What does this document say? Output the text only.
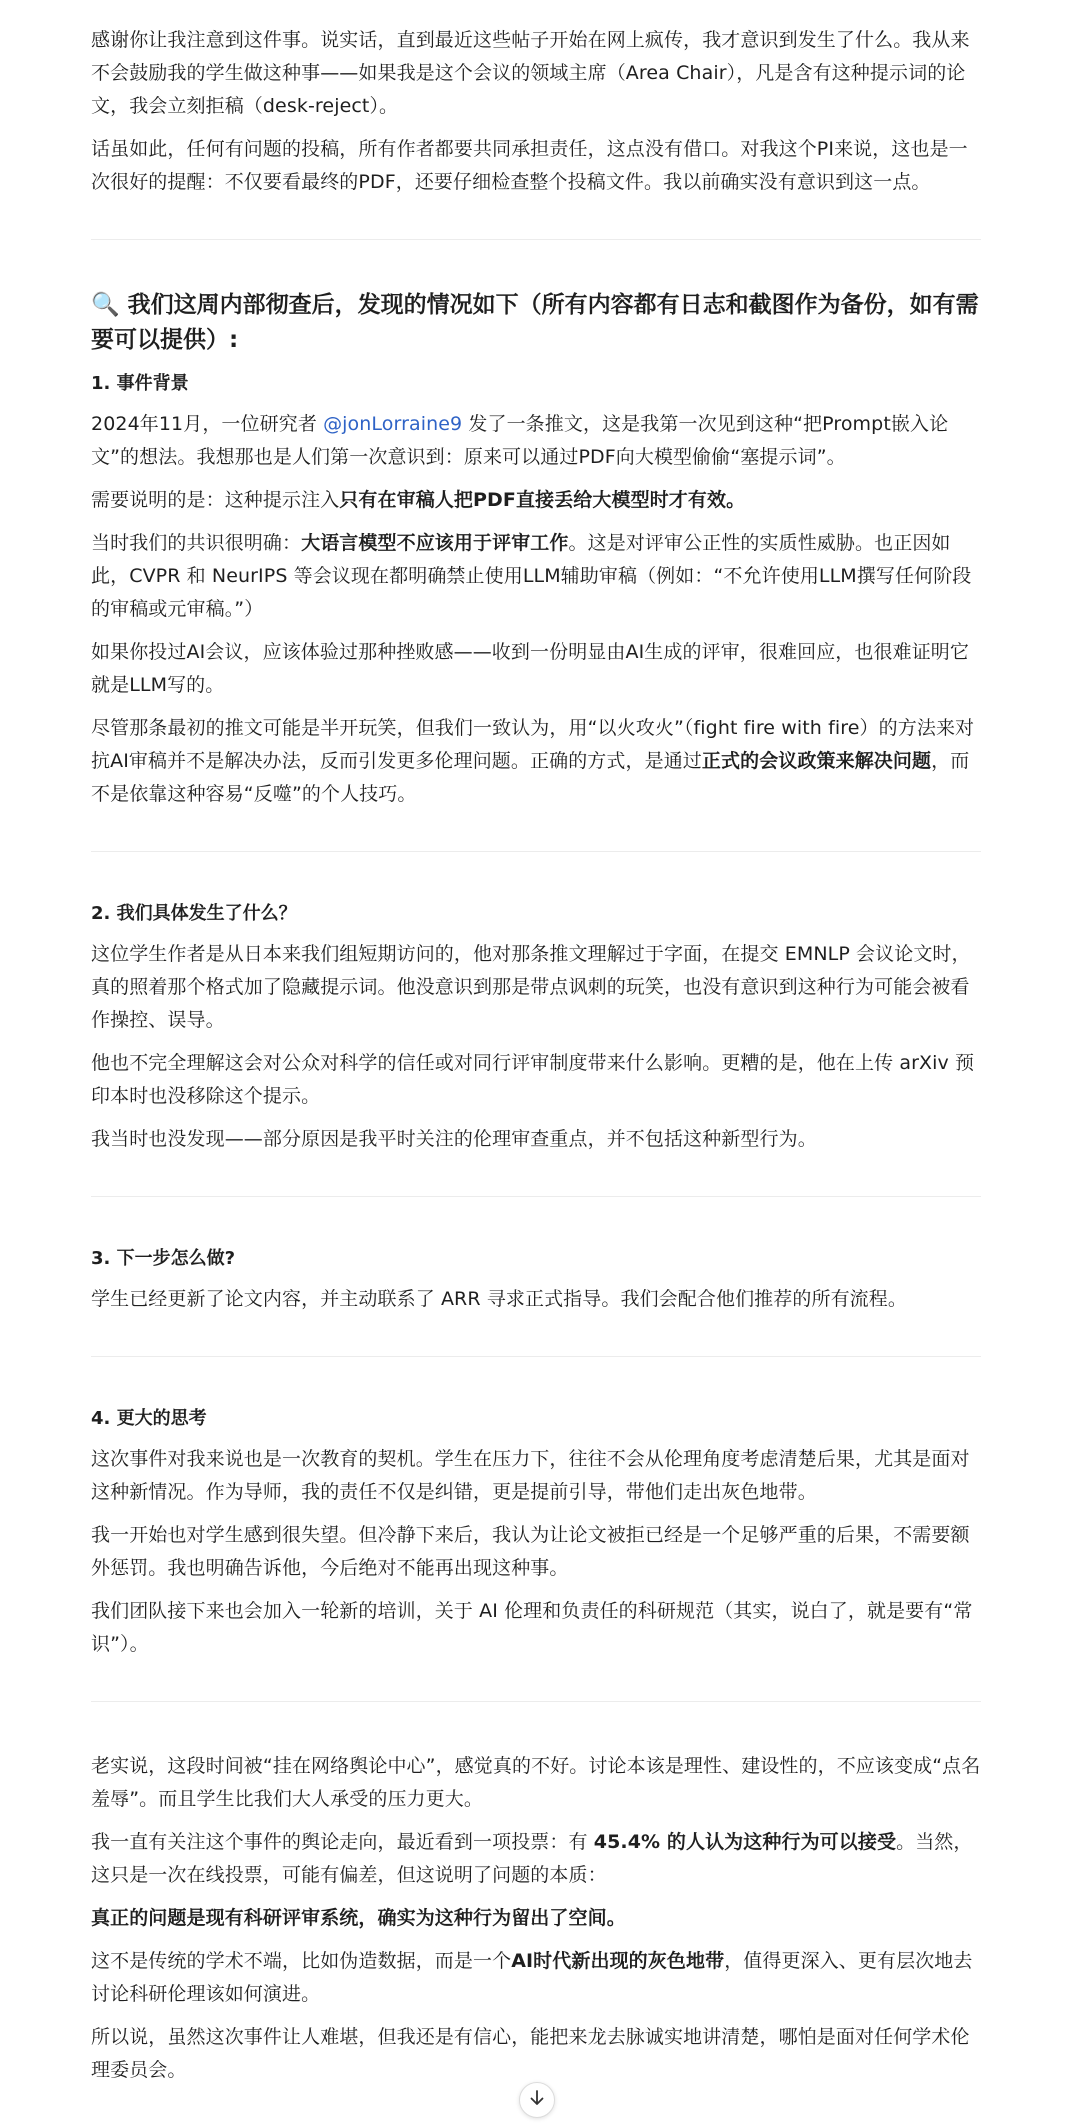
感谢你让我注意到这件事。说实话，直到最近这些帖子开始在网上疯传，我才意识到发生了什么。我从来不会鼓励我的学生做这种事——如果我是这个会议的领域主席（Area Chair），凡是含有这种提示词的论文，我会立刻拒稿（desk-reject）。

话虽如此，任何有问题的投稿，所有作者都要共同承担责任，这点没有借口。对我这个PI来说，这也是一次很好的提醒：不仅要看最终的PDF，还要仔细检查整个投稿文件。我以前确实没有意识到这一点。

🔍 我们这周内部彻查后，发现的情况如下（所有内容都有日志和截图作为备份，如有需要可以提供）:
1. 事件背景

2024年11月，一位研究者 @jonLorraine9 发了一条推文，这是我第一次见到这种“把Prompt嵌入论文”的想法。我想那也是人们第一次意识到：原来可以通过PDF向大模型偷偷“塞提示词”。

需要说明的是：这种提示注入只有在审稿人把PDF直接丢给大模型时才有效。

当时我们的共识很明确：大语言模型不应该用于评审工作。这是对评审公正性的实质性威胁。也正因如此，CVPR 和 NeurIPS 等会议现在都明确禁止使用LLM辅助审稿（例如：“不允许使用LLM撰写任何阶段的审稿或元审稿。”）

如果你投过AI会议，应该体验过那种挫败感——收到一份明显由AI生成的评审，很难回应，也很难证明它就是LLM写的。

尽管那条最初的推文可能是半开玩笑，但我们一致认为，用“以火攻火”（fight fire with fire）的方法来对抗AI审稿并不是解决办法，反而引发更多伦理问题。正确的方式，是通过正式的会议政策来解决问题，而不是依靠这种容易“反噬”的个人技巧。

2. 我们具体发生了什么？

这位学生作者是从日本来我们组短期访问的，他对那条推文理解过于字面，在提交 EMNLP 会议论文时，真的照着那个格式加了隐藏提示词。他没意识到那是带点讽刺的玩笑，也没有意识到这种行为可能会被看作操控、误导。

他也不完全理解这会对公众对科学的信任或对同行评审制度带来什么影响。更糟的是，他在上传 arXiv 预印本时也没移除这个提示。

我当时也没发现——部分原因是我平时关注的伦理审查重点，并不包括这种新型行为。

3. 下一步怎么做?

学生已经更新了论文内容，并主动联系了 ARR 寻求正式指导。我们会配合他们推荐的所有流程。

4. 更大的思考

这次事件对我来说也是一次教育的契机。学生在压力下，往往不会从伦理角度考虑清楚后果，尤其是面对这种新情况。作为导师，我的责任不仅是纠错，更是提前引导，带他们走出灰色地带。

我一开始也对学生感到很失望。但冷静下来后，我认为让论文被拒已经是一个足够严重的后果，不需要额外惩罚。我也明确告诉他，今后绝对不能再出现这种事。

我们团队接下来也会加入一轮新的培训，关于 AI 伦理和负责任的科研规范（其实，说白了，就是要有“常识”）。

老实说，这段时间被“挂在网络舆论中心”，感觉真的不好。讨论本该是理性、建设性的，不应该变成“点名羞辱”。而且学生比我们大人承受的压力更大。

我一直有关注这个事件的舆论走向，最近看到一项投票：有 45.4% 的人认为这种行为可以接受。当然，这只是一次在线投票，可能有偏差，但这说明了问题的本质：

真正的问题是现有科研评审系统，确实为这种行为留出了空间。

这不是传统的学术不端，比如伪造数据，而是一个AI时代新出现的灰色地带，值得更深入、更有层次地去讨论科研伦理该如何演进。

所以说，虽然这次事件让人难堪，但我还是有信心，能把来龙去脉诚实地讲清楚，哪怕是面对任何学术伦理委员会。
